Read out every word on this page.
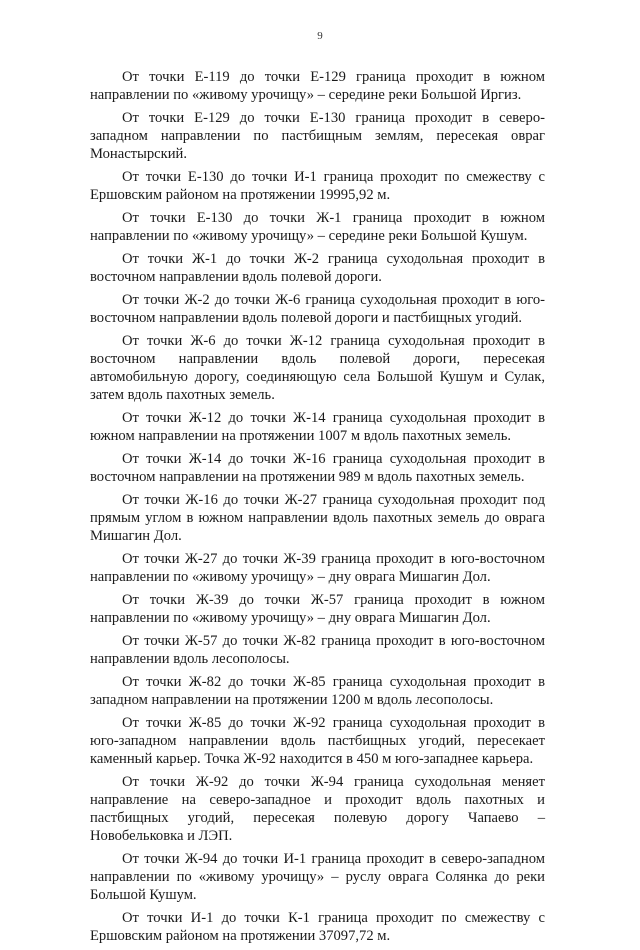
9

От точки Е-119 до точки Е-129 граница проходит в южном направлении по «живому урочищу» – середине реки Большой Иргиз.

От точки Е-129 до точки Е-130 граница проходит в северо-западном направлении по пастбищным землям, пересекая овраг Монастырский.

От точки Е-130 до точки И-1 граница проходит по смежеству с Ершовским районом на протяжении 19995,92 м.

От точки Е-130 до точки Ж-1 граница проходит в южном направлении по «живому урочищу» – середине реки Большой Кушум.

От точки Ж-1 до точки Ж-2 граница суходольная проходит в восточном направлении вдоль полевой дороги.

От точки Ж-2 до точки Ж-6 граница суходольная проходит в юго-восточном направлении вдоль полевой дороги и пастбищных угодий.

От точки Ж-6 до точки Ж-12 граница суходольная проходит в восточном направлении вдоль полевой дороги, пересекая автомобильную дорогу, соединяющую села Большой Кушум и Сулак, затем вдоль пахотных земель.

От точки Ж-12 до точки Ж-14 граница суходольная проходит в южном направлении на протяжении 1007 м вдоль пахотных земель.

От точки Ж-14 до точки Ж-16 граница суходольная проходит в восточном направлении на протяжении 989 м вдоль пахотных земель.

От точки Ж-16 до точки Ж-27 граница суходольная проходит под прямым углом в южном направлении вдоль пахотных земель до оврага Мишагин Дол.

От точки Ж-27 до точки Ж-39 граница проходит в юго-восточном направлении по «живому урочищу» – дну оврага Мишагин Дол.

От точки Ж-39 до точки Ж-57 граница проходит в южном направлении по «живому урочищу» – дну оврага Мишагин Дол.

От точки Ж-57 до точки Ж-82 граница проходит в юго-восточном направлении вдоль лесополосы.

От точки Ж-82 до точки Ж-85 граница суходольная проходит в западном направлении на протяжении 1200 м вдоль лесополосы.

От точки Ж-85 до точки Ж-92 граница суходольная проходит в юго-западном направлении вдоль пастбищных угодий, пересекает каменный карьер. Точка Ж-92 находится в 450 м юго-западнее карьера.

От точки Ж-92 до точки Ж-94 граница суходольная меняет направление на северо-западное и проходит вдоль пахотных и пастбищных угодий, пересекая полевую дорогу Чапаево – Новобельковка и ЛЭП.

От точки Ж-94 до точки И-1 граница проходит в северо-западном направлении по «живому урочищу» – руслу оврага Солянка до реки Большой Кушум.

От точки И-1 до точки К-1 граница проходит по смежеству с Ершовским районом на протяжении 37097,72 м.
